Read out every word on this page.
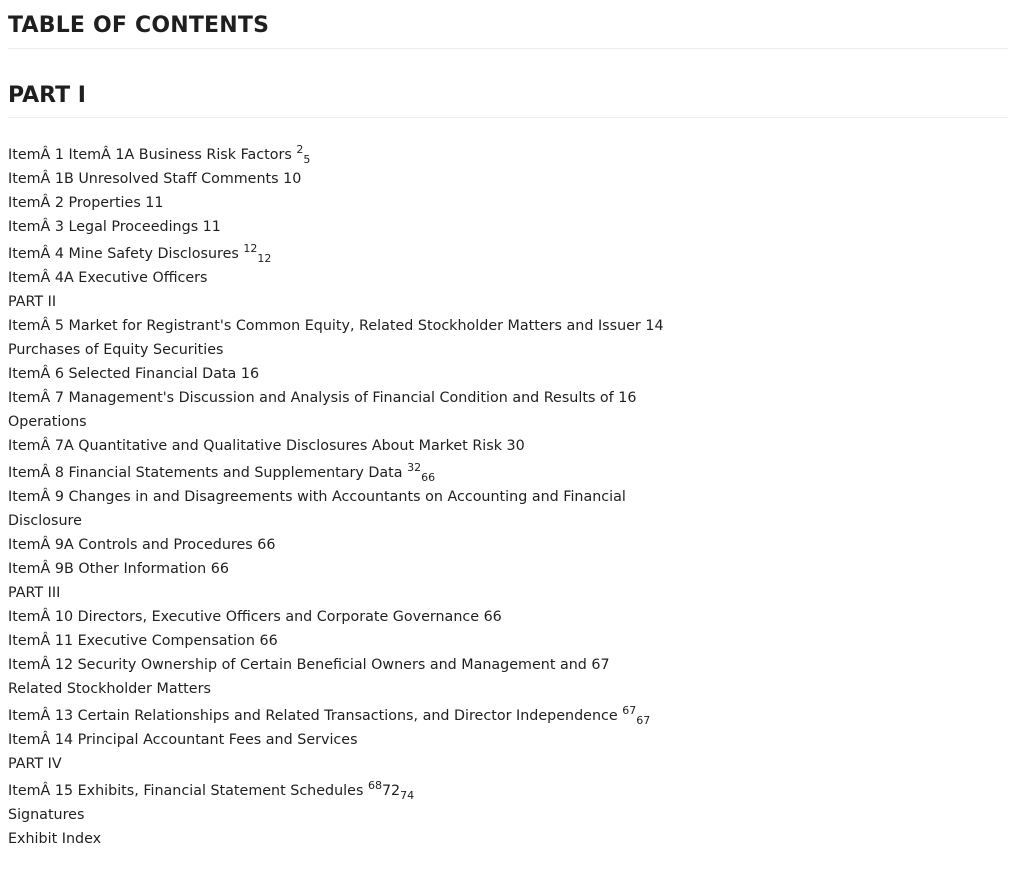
TABLE OF CONTENTS
PART I
ItemÂ 1 ItemÂ 1A Business Risk Factors $^2_5$
ItemÂ 1B Unresolved Staff Comments 10
ItemÂ 2 Properties 11
ItemÂ 3 Legal Proceedings 11
ItemÂ 4 Mine Safety Disclosures $^{12}_{12}$
ItemÂ 4A Executive Officers
PART II
ItemÂ 5 Market for Registrant's Common Equity, Related Stockholder Matters and Issuer 14
Purchases of Equity Securities
ItemÂ 6 Selected Financial Data 16
ItemÂ 7 Management's Discussion and Analysis of Financial Condition and Results of 16
Operations
ItemÂ 7A Quantitative and Qualitative Disclosures About Market Risk 30
ItemÂ 8 Financial Statements and Supplementary Data $^{32}_{66}$
ItemÂ 9 Changes in and Disagreements with Accountants on Accounting and Financial
Disclosure
ItemÂ 9A Controls and Procedures 66
ItemÂ 9B Other Information 66
PART III
ItemÂ 10 Directors, Executive Officers and Corporate Governance 66
ItemÂ 11 Executive Compensation 66
ItemÂ 12 Security Ownership of Certain Beneficial Owners and Management and 67
Related Stockholder Matters
ItemÂ 13 Certain Relationships and Related Transactions, and Director Independence $^{67}_{67}$
ItemÂ 14 Principal Accountant Fees and Services
PART IV
ItemÂ 15 Exhibits, Financial Statement Schedules $^{68}72_{74}$
Signatures
Exhibit Index
